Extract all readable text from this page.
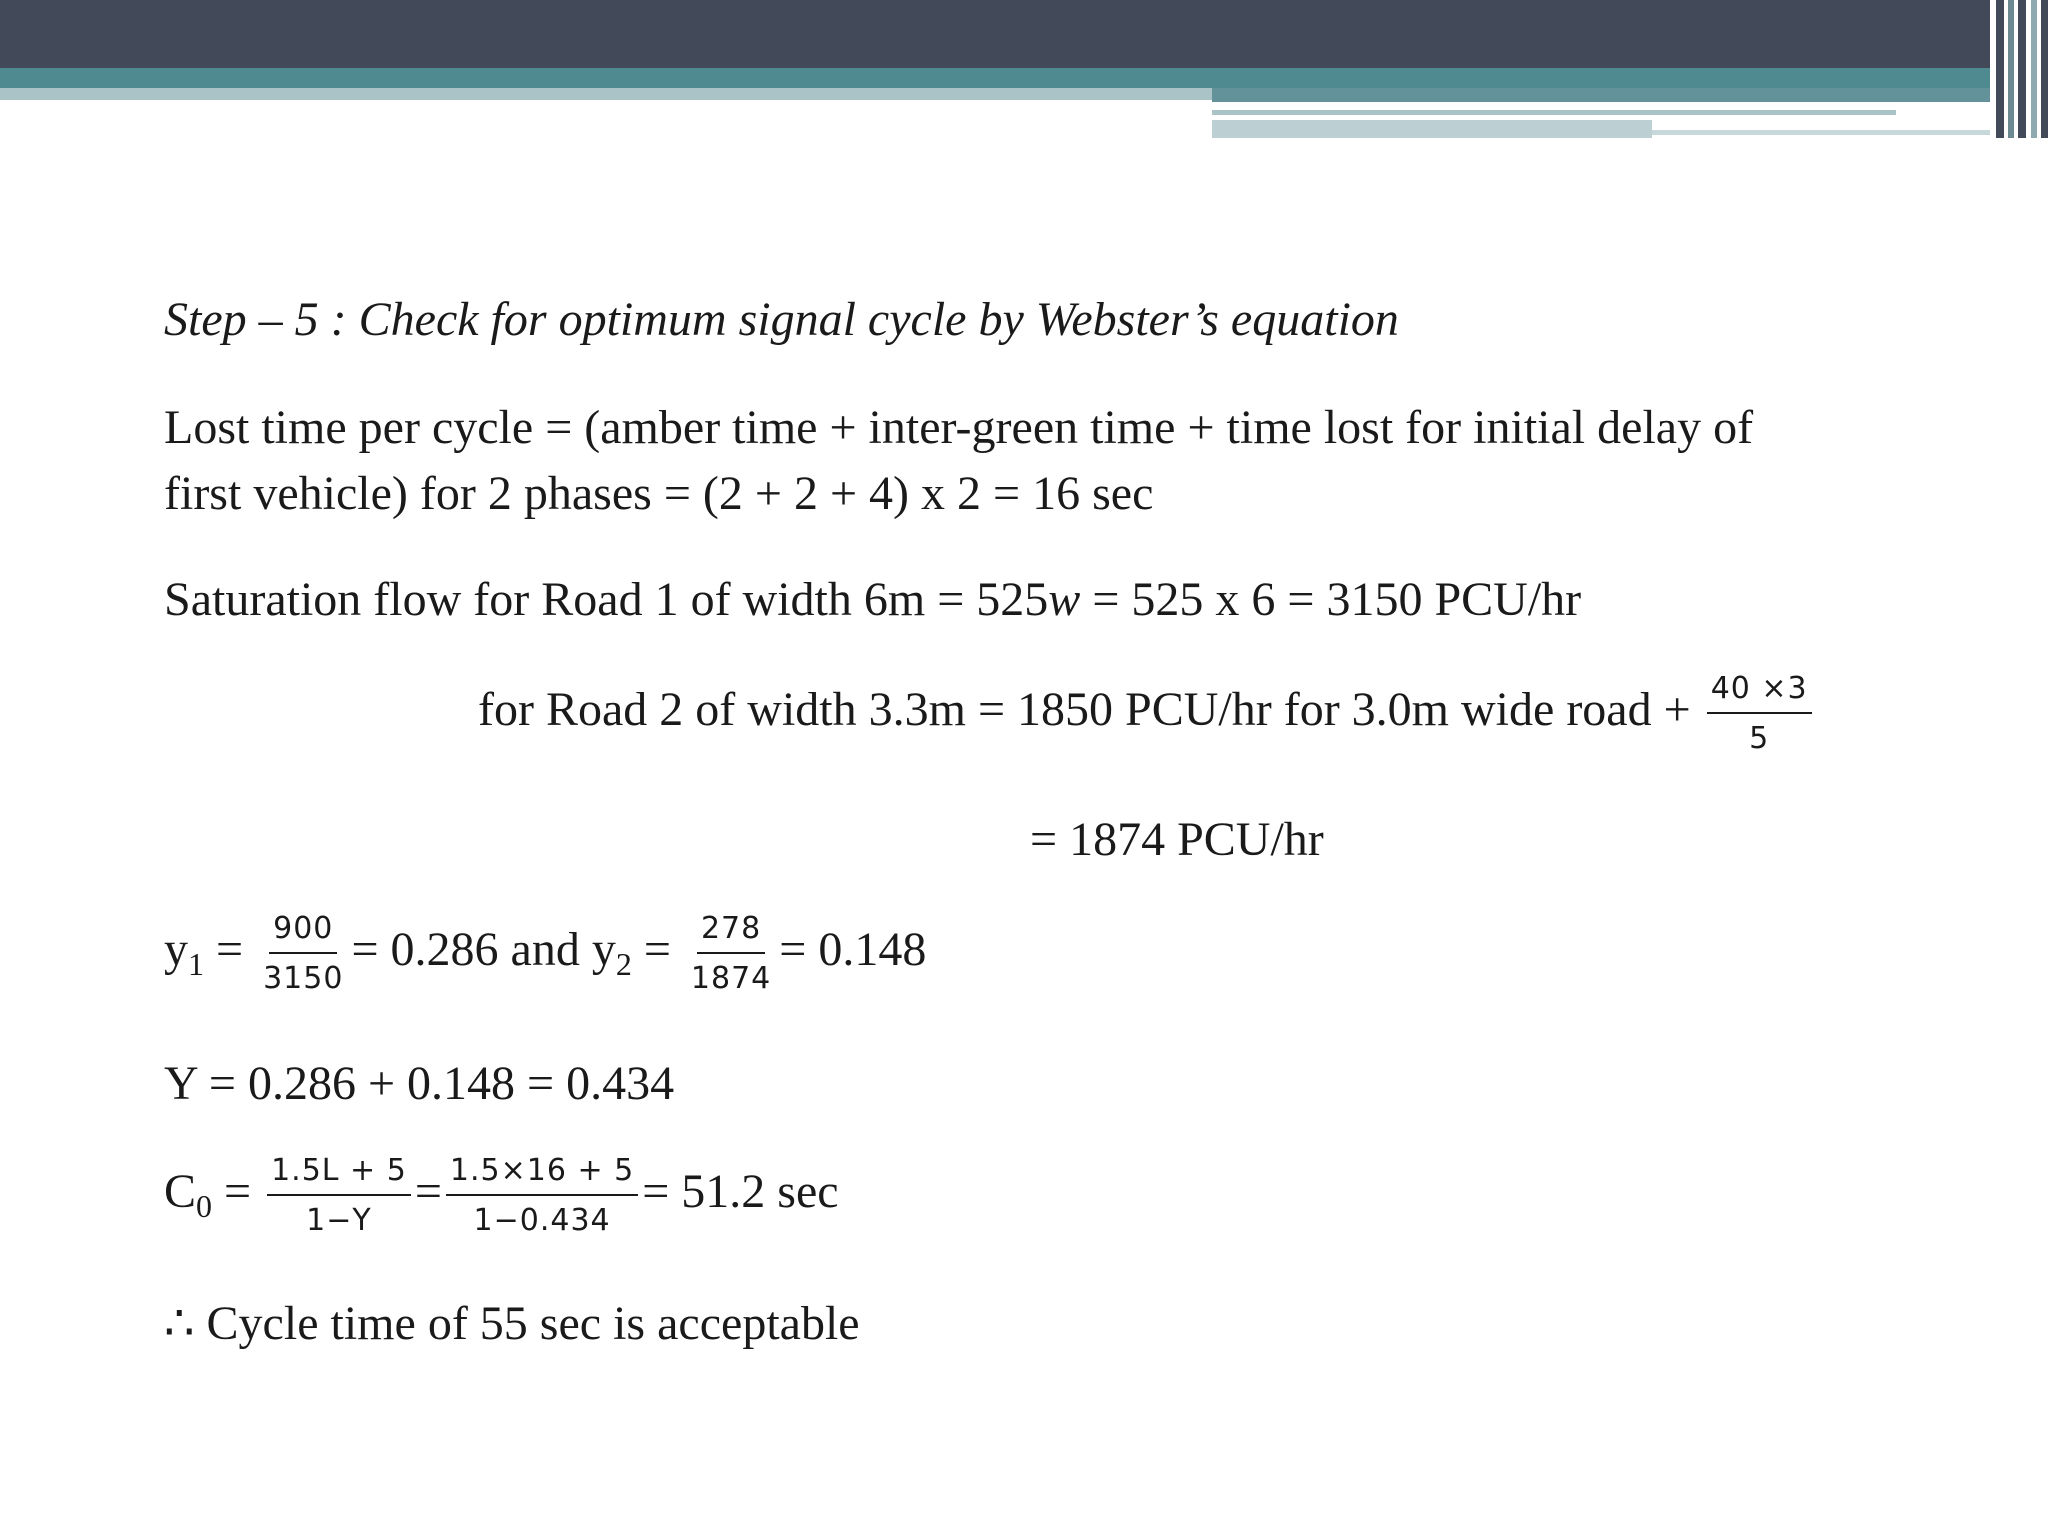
Step – 5 : Check for optimum signal cycle by Webster’s equation
Lost time per cycle = (amber time + inter-green time + time lost for initial delay of
first vehicle) for 2 phases = (2 + 2 + 4) x 2 = 16 sec
Saturation flow for Road 1 of width 6m = 525w = 525 x 6 = 3150 PCU/hr
for Road 2 of width 3.3m = 1850 PCU/hr for 3.0m wide road + $\frac{40 \times 3}{5}$
= 1874 PCU/hr
$y_1 = \frac{900}{3150} = 0.286$ and $y_2 = \frac{278}{1874} = 0.148$
Y = 0.286 + 0.148 = 0.434
$C_0 = \frac{1.5L + 5}{1-Y} = \frac{1.5\times 16 + 5}{1-0.434} = 51.2$ sec
∴ Cycle time of 55 sec is acceptable
